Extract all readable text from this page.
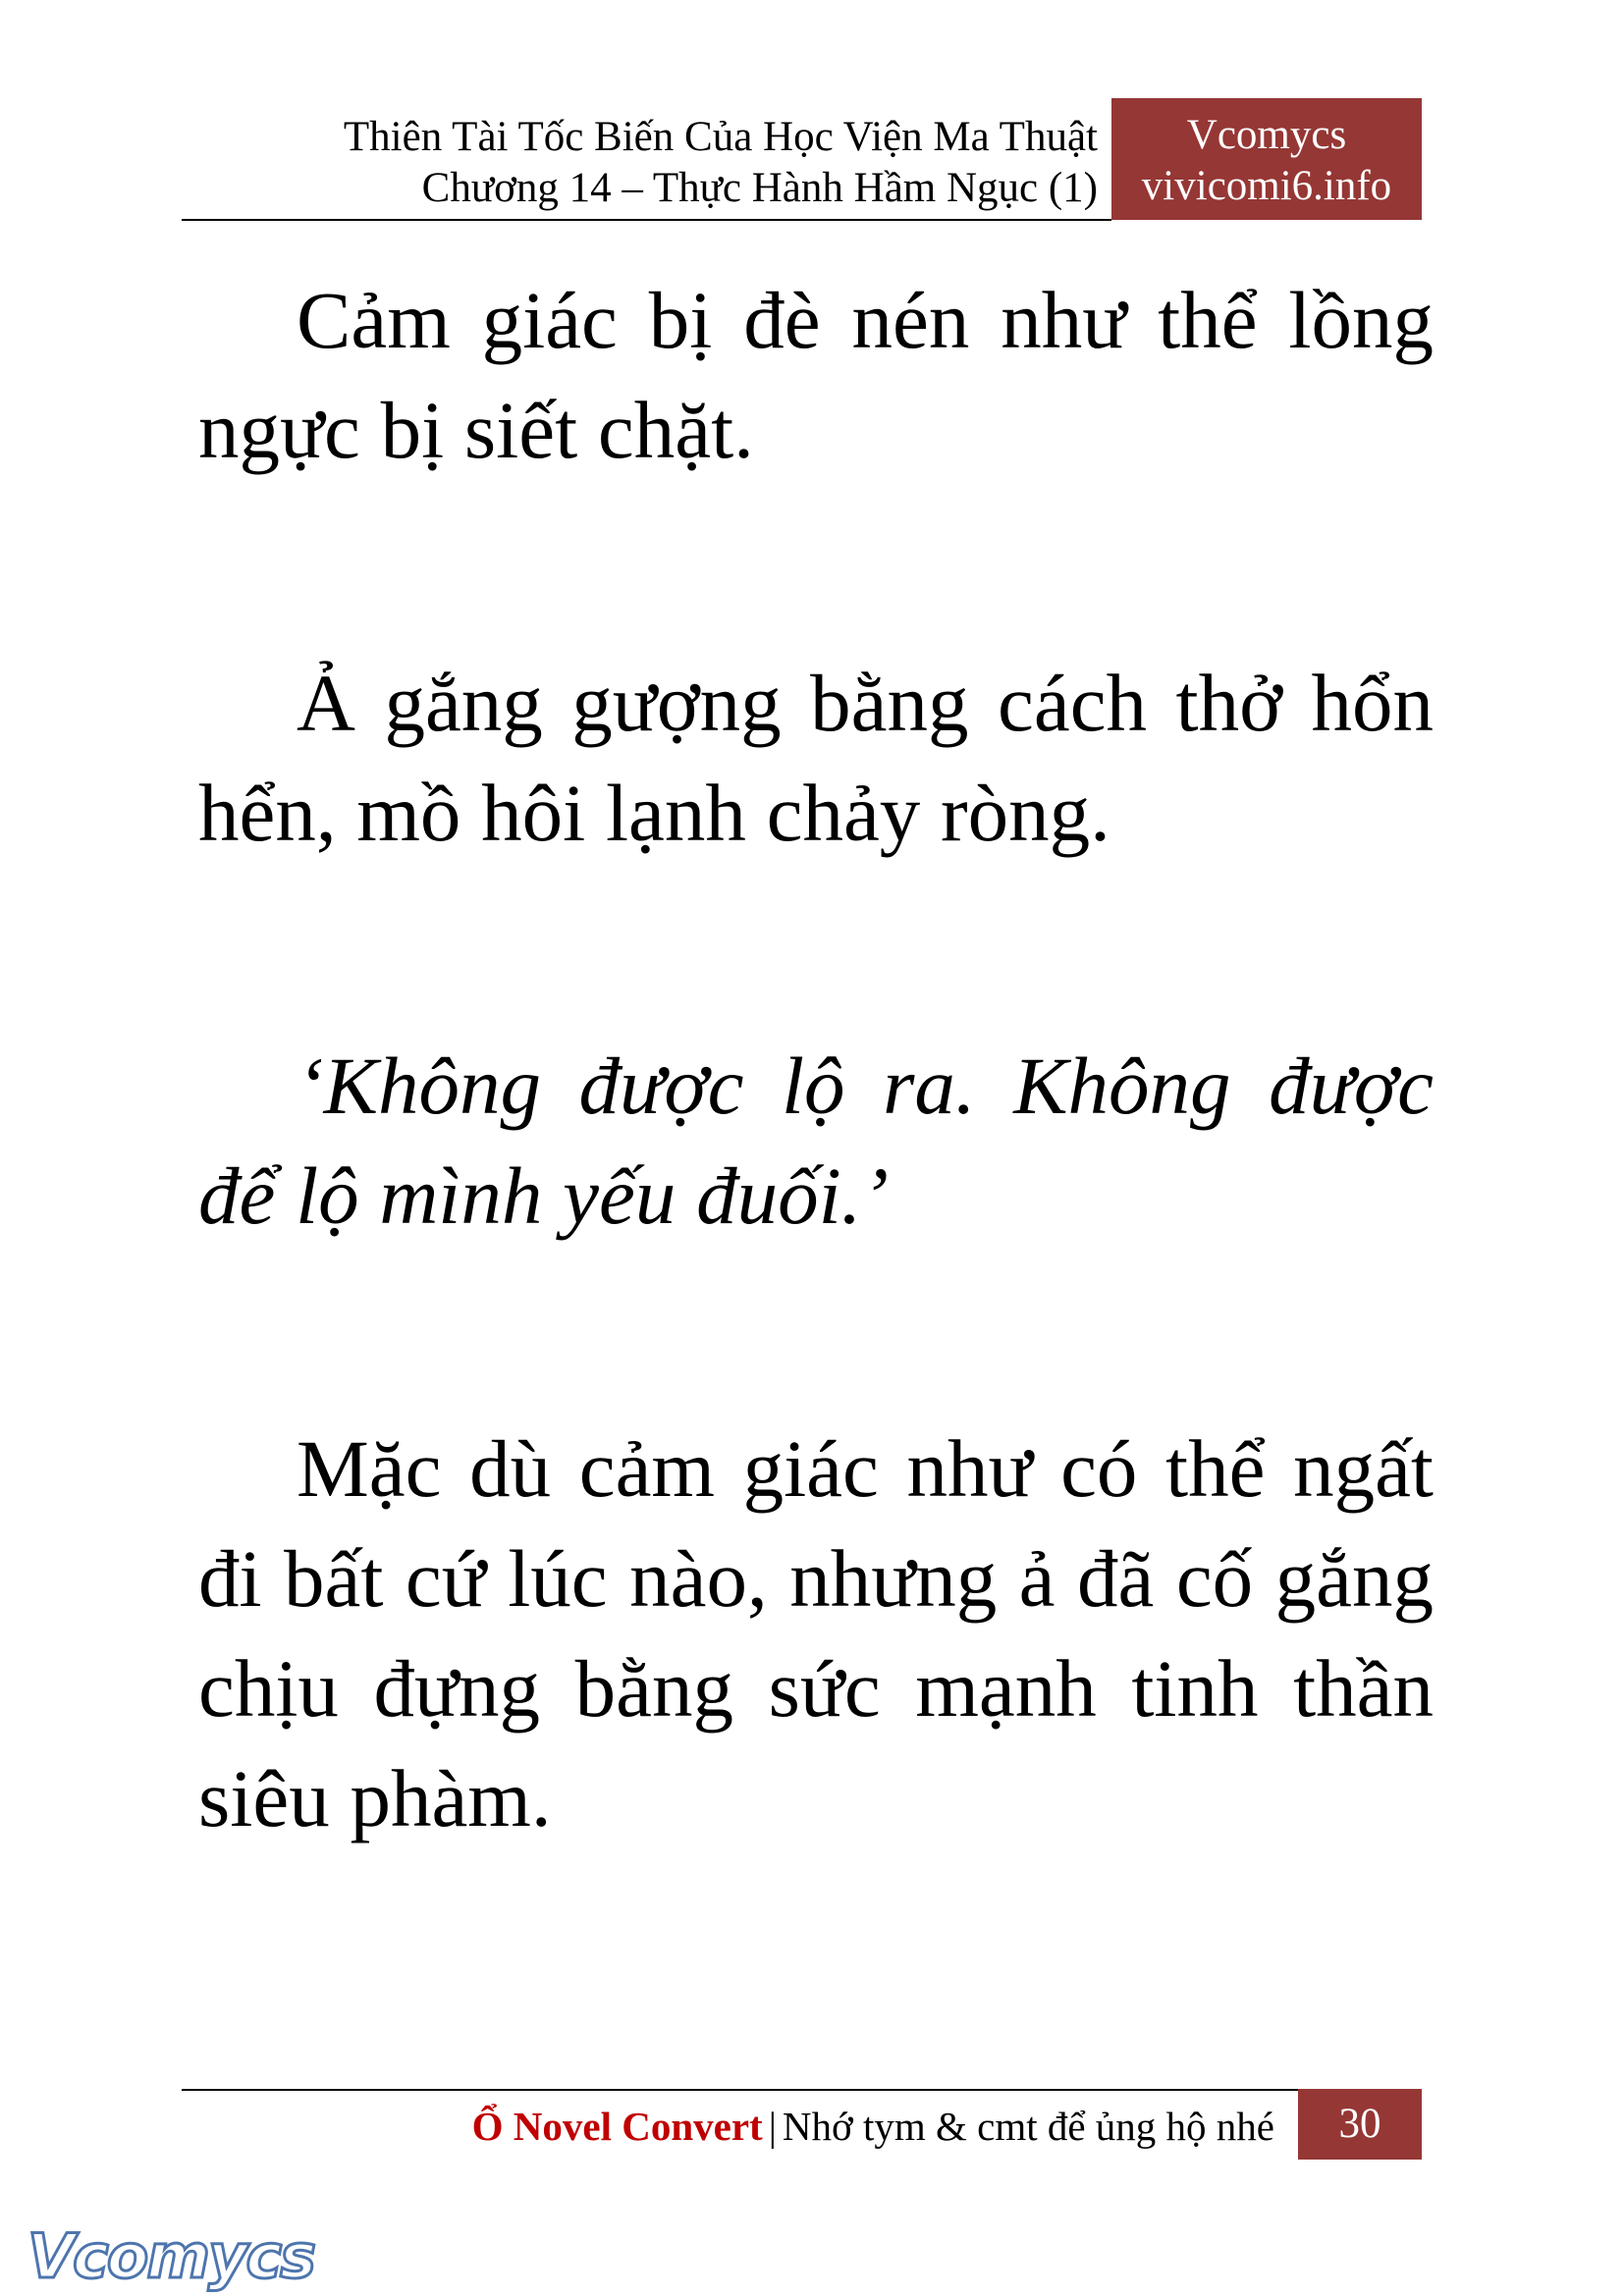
Thiên Tài Tốc Biến Của Học Viện Ma Thuật
Chương 14 – Thực Hành Hầm Ngục (1)
Vcomycs
vivicomi6.info

Cảm giác bị đè nén như thể lồng ngực bị siết chặt.

Ả gắng gượng bằng cách thở hổn hển, mồ hôi lạnh chảy ròng.

‘Không được lộ ra. Không được để lộ mình yếu đuối.’

Mặc dù cảm giác như có thể ngất đi bất cứ lúc nào, nhưng ả đã cố gắng chịu đựng bằng sức mạnh tinh thần siêu phàm.

Ổ Novel Convert | Nhớ tym & cmt để ủng hộ nhé	30
Vcomycs
